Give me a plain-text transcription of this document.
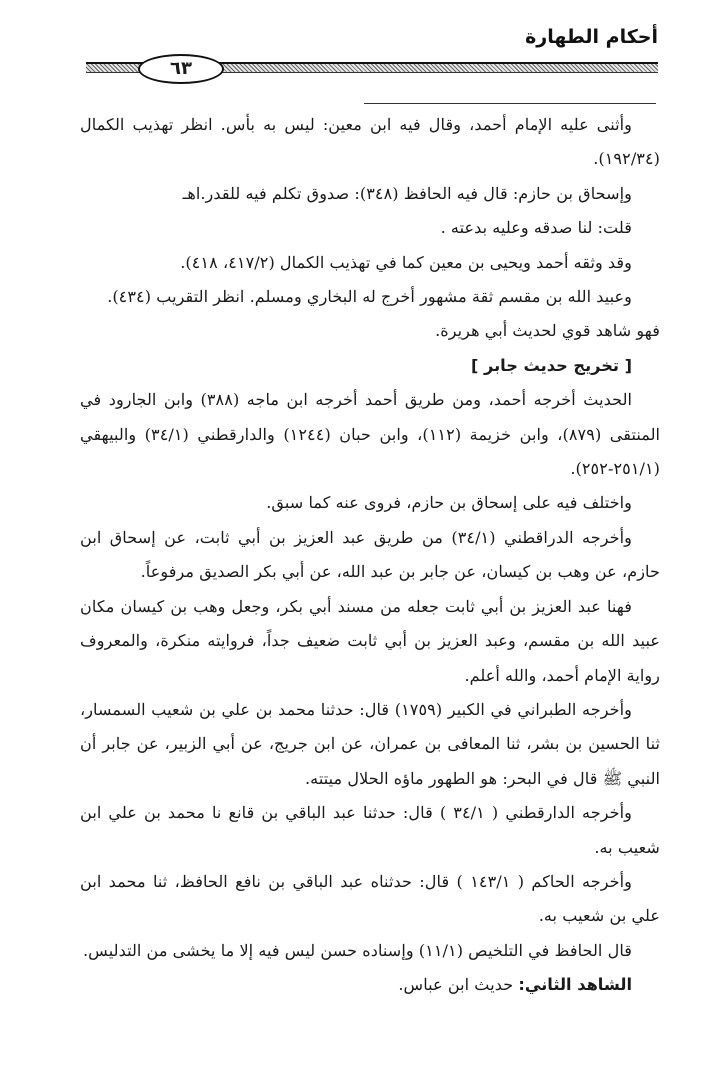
أحكام الطهارة
٦٣

وأثنى عليه الإمام أحمد، وقال فيه ابن معين: ليس به بأس. انظر تهذيب الكمال (١٩٢/٣٤).

وإسحاق بن حازم: قال فيه الحافظ (٣٤٨): صدوق تكلم فيه للقدر.اهـ

قلت: لنا صدقه وعليه بدعته .

وقد وثقه أحمد ويحيى بن معين كما في تهذيب الكمال (٤١٧/٢، ٤١٨).

وعبيد الله بن مقسم ثقة مشهور أخرج له البخاري ومسلم. انظر التقريب (٤٣٤).

فهو شاهد قوي لحديث أبي هريرة.

[ تخريج حديث جابر ]

الحديث أخرجه أحمد، ومن طريق أحمد أخرجه ابن ماجه (٣٨٨) وابن الجارود في المنتقى (٨٧٩)، وابن خزيمة (١١٢)، وابن حبان (١٢٤٤) والدارقطني (٣٤/١) والبيهقي (٢٥١/١-٢٥٢).

واختلف فيه على إسحاق بن حازم، فروى عنه كما سبق.

وأخرجه الدراقطني (٣٤/١) من طريق عبد العزيز بن أبي ثابت، عن إسحاق ابن حازم، عن وهب بن كيسان، عن جابر بن عبد الله، عن أبي بكر الصديق مرفوعاً.

فهنا عبد العزيز بن أبي ثابت جعله من مسند أبي بكر، وجعل وهب بن كيسان مكان عبيد الله بن مقسم، وعبد العزيز بن أبي ثابت ضعيف جداً، فروايته منكرة، والمعروف رواية الإمام أحمد، والله أعلم.

وأخرجه الطبراني في الكبير (١٧٥٩) قال: حدثنا محمد بن علي بن شعيب السمسار، ثنا الحسين بن بشر، ثنا المعافى بن عمران، عن ابن جريج، عن أبي الزبير، عن جابر أن النبي ﷺ قال في البحر: هو الطهور ماؤه الحلال ميتته.

وأخرجه الدارقطني ( ٣٤/١ ) قال: حدثنا عبد الباقي بن قانع نا محمد بن علي ابن شعيب به.

وأخرجه الحاكم ( ١٤٣/١ ) قال: حدثناه عبد الباقي بن نافع الحافظ، ثنا محمد ابن علي بن شعيب به.

قال الحافظ في التلخيص (١١/١) وإسناده حسن ليس فيه إلا ما يخشى من التدليس.

الشاهد الثاني: حديث ابن عباس.
